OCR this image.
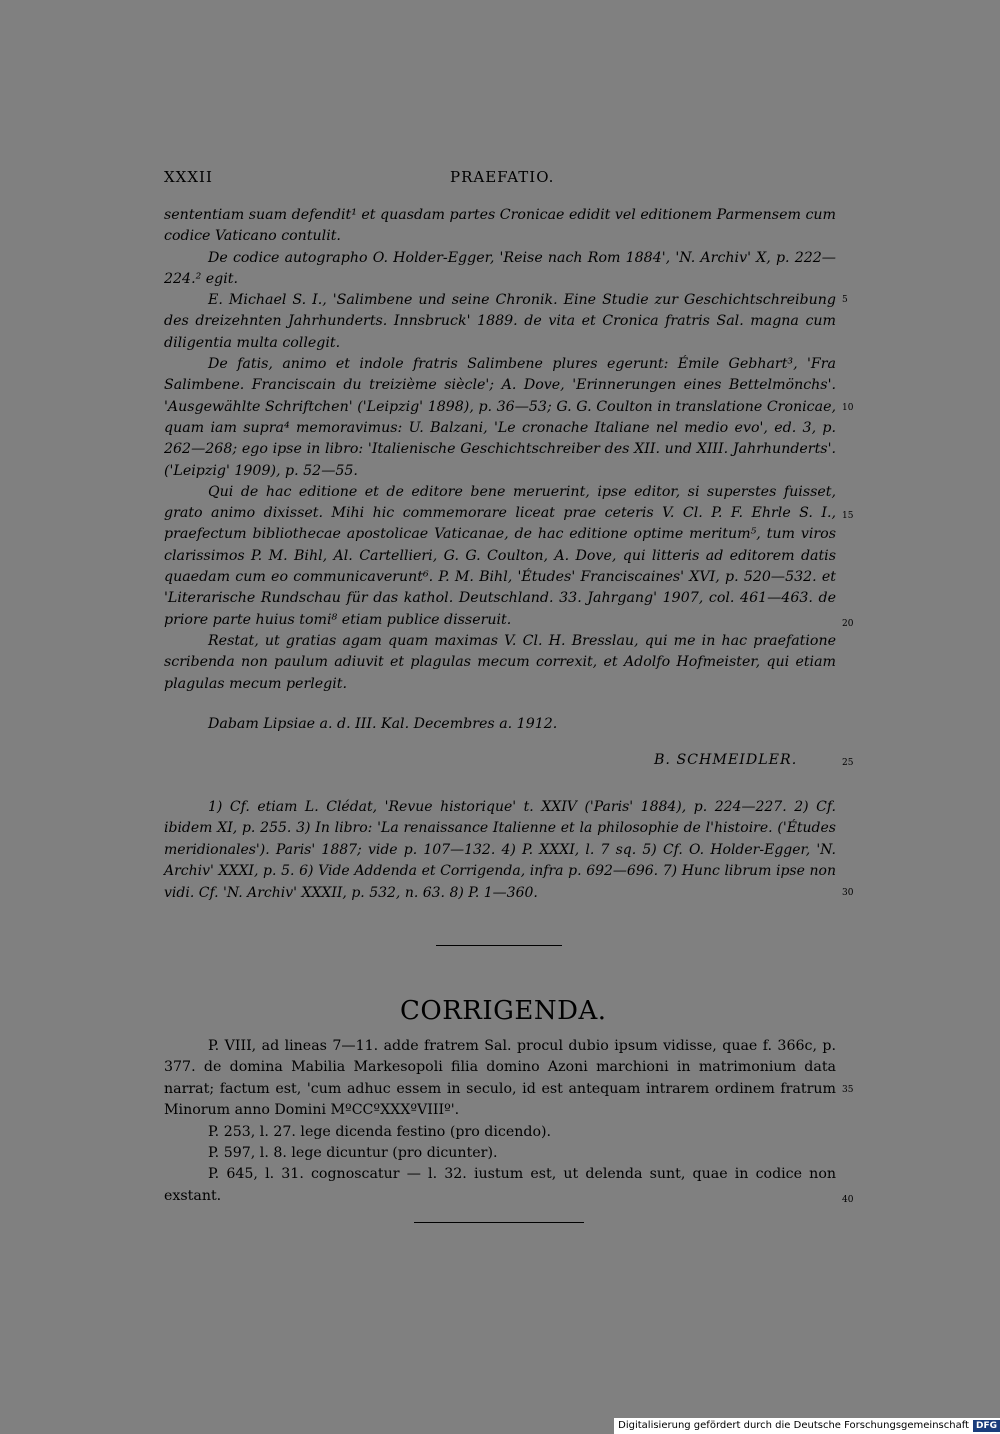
XXXII	PRAEFATIO.

sententiam suam defendit¹ et quasdam partes Cronicae edidit vel editionem Parmensem cum codice Vaticano contulit.

De codice autographo O. Holder-Egger, 'Reise nach Rom 1884', 'N. Archiv' X, p. 222—224.² egit.

E. Michael S. I., 'Salimbene und seine Chronik. Eine Studie zur Geschichtschreibung des dreizehnten Jahrhunderts. Innsbruck' 1889. de vita et Cronica fratris Sal. magna cum diligentia multa collegit.

De fatis, animo et indole fratris Salimbene plures egerunt: Émile Gebhart³, 'Fra Salimbene. Franciscain du treizième siècle'; A. Dove, 'Erinnerungen eines Bettelmönchs'. 'Ausgewählte Schriftchen' ('Leipzig' 1898), p. 36—53; G. G. Coulton in translatione Cronicae, quam iam supra⁴ memoravimus: U. Balzani, 'Le cronache Italiane nel medio evo', ed. 3, p. 262—268; ego ipse in libro: 'Italienische Geschichtschreiber des XII. und XIII. Jahrhunderts'. ('Leipzig' 1909), p. 52—55.

Qui de hac editione et de editore bene meruerint, ipse editor, si superstes fuisset, grato animo dixisset. Mihi hic commemorare liceat prae ceteris V. Cl. P. F. Ehrle S. I., praefectum bibliothecae apostolicae Vaticanae, de hac editione optime meritum⁵, tum viros clarissimos P. M. Bihl, Al. Cartellieri, G. G. Coulton, A. Dove, qui litteris ad editorem datis quaedam cum eo communicaverunt⁶. P. M. Bihl, 'Études' Franciscaines' XVI, p. 520—532. et 'Literarische Rundschau für das kathol. Deutschland. 33. Jahrgang' 1907, col. 461—463. de priore parte huius tomi⁸ etiam publice disseruit.

Restat, ut gratias agam quam maximas V. Cl. H. Bresslau, qui me in hac praefatione scribenda non paulum adiuvit et plagulas mecum correxit, et Adolfo Hofmeister, qui etiam plagulas mecum perlegit.

5
10
15
20
25
Dabam Lipsiae a. d. III. Kal. Decembres a. 1912.
B. SCHMEIDLER.

1) Cf. etiam L. Clédat, 'Revue historique' t. XXIV ('Paris' 1884), p. 224—227. 2) Cf. ibidem XI, p. 255. 3) In libro: 'La renaissance Italienne et la philosophie de l'histoire. ('Études meridionales'). Paris' 1887; vide p. 107—132. 4) P. XXXI, l. 7 sq. 5) Cf. O. Holder-Egger, 'N. Archiv' XXXI, p. 5. 6) Vide Addenda et Corrigenda, infra p. 692—696. 7) Hunc librum ipse non vidi. Cf. 'N. Archiv' XXXII, p. 532, n. 63. 8) P. 1—360.	30
CORRIGENDA.

P. VIII, ad lineas 7—11. adde fratrem Sal. procul dubio ipsum vidisse, quae f. 366c, p. 377. de domina Mabilia Markesopoli filia domino Azoni marchioni in matrimonium data narrat; factum est, 'cum adhuc essem in seculo, id est antequam intrarem ordinem fratrum Minorum anno Domini MºCCºXXXºVIIIº'.

P. 253, l. 27. lege dicenda festino (pro dicendo).

P. 597, l. 8. lege dicuntur (pro dicunter).

P. 645, l. 31. cognoscatur — l. 32. iustum est, ut delenda sunt, quae in codice non exstant.

35
40
Digitalisierung gefördert durch die Deutsche Forschungsgemeinschaft DFG
